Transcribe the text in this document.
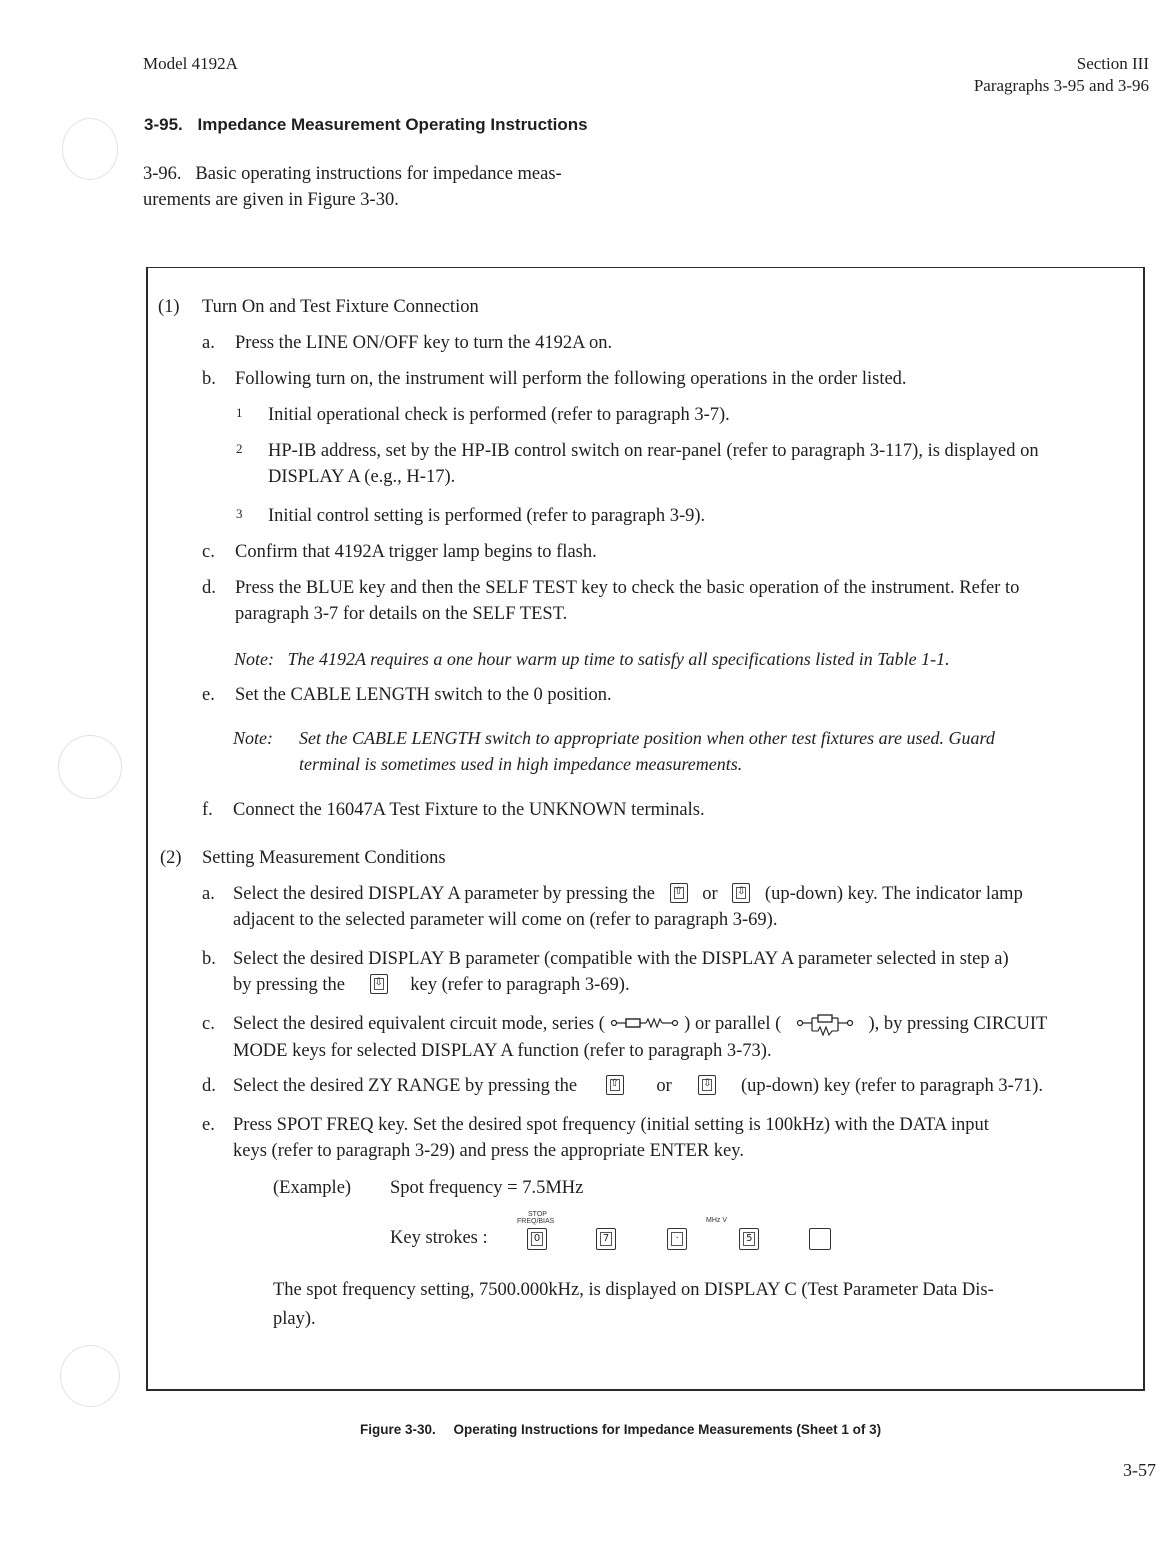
Model 4192A	Section III
Paragraphs 3-95 and 3-96
3-95. Impedance Measurement Operating Instructions
3-96. Basic operating instructions for impedance meas-
urements are given in Figure 3-30.
(1) Turn On and Test Fixture Connection
a. Press the LINE ON/OFF key to turn the 4192A on.
b. Following turn on, the instrument will perform the following operations in the order listed.
1 Initial operational check is performed (refer to paragraph 3-7).
2 HP-IB address, set by the HP-IB control switch on rear-panel (refer to paragraph 3-117), is displayed on
DISPLAY A (e.g., H-17).
3 Initial control setting is performed (refer to paragraph 3-9).
c. Confirm that 4192A trigger lamp begins to flash.
d. Press the BLUE key and then the SELF TEST key to check the basic operation of the instrument. Refer to
paragraph 3-7 for details on the SELF TEST.
Note: The 4192A requires a one hour warm up time to satisfy all specifications listed in Table 1-1.
e. Set the CABLE LENGTH switch to the 0 position.
Note: Set the CABLE LENGTH switch to appropriate position when other test fixtures are used. Guard
terminal is sometimes used in high impedance measurements.
f. Connect the 16047A Test Fixture to the UNKNOWN terminals.
(2) Setting Measurement Conditions
a. Select the desired DISPLAY A parameter by pressing the	⇧ or	⇩ (up-down) key. The indicator lamp
adjacent to the selected parameter will come on (refer to paragraph 3-69).
b. Select the desired DISPLAY B parameter (compatible with the DISPLAY A parameter selected in step a)
by pressing the	⇩ key (refer to paragraph 3-69).
c. Select the desired equivalent circuit mode, series (	) or parallel (	), by pressing CIRCUIT
MODE keys for selected DISPLAY A function (refer to paragraph 3-73).
d. Select the desired ZY RANGE by pressing the	⇧ or	⇩ (up-down) key (refer to paragraph 3-71).
e. Press SPOT FREQ key. Set the desired spot frequency (initial setting is 100kHz) with the DATA input
keys (refer to paragraph 3-29) and press the appropriate ENTER key.
(Example) Spot frequency = 7.5MHz
STOP
FREQ/BIAS	MHz V
Key strokes :	0
	7
	·
	5

The spot frequency setting, 7500.000kHz, is displayed on DISPLAY C (Test Parameter Data Dis-
play).
Figure 3-30. Operating Instructions for Impedance Measurements (Sheet 1 of 3)
3-57
